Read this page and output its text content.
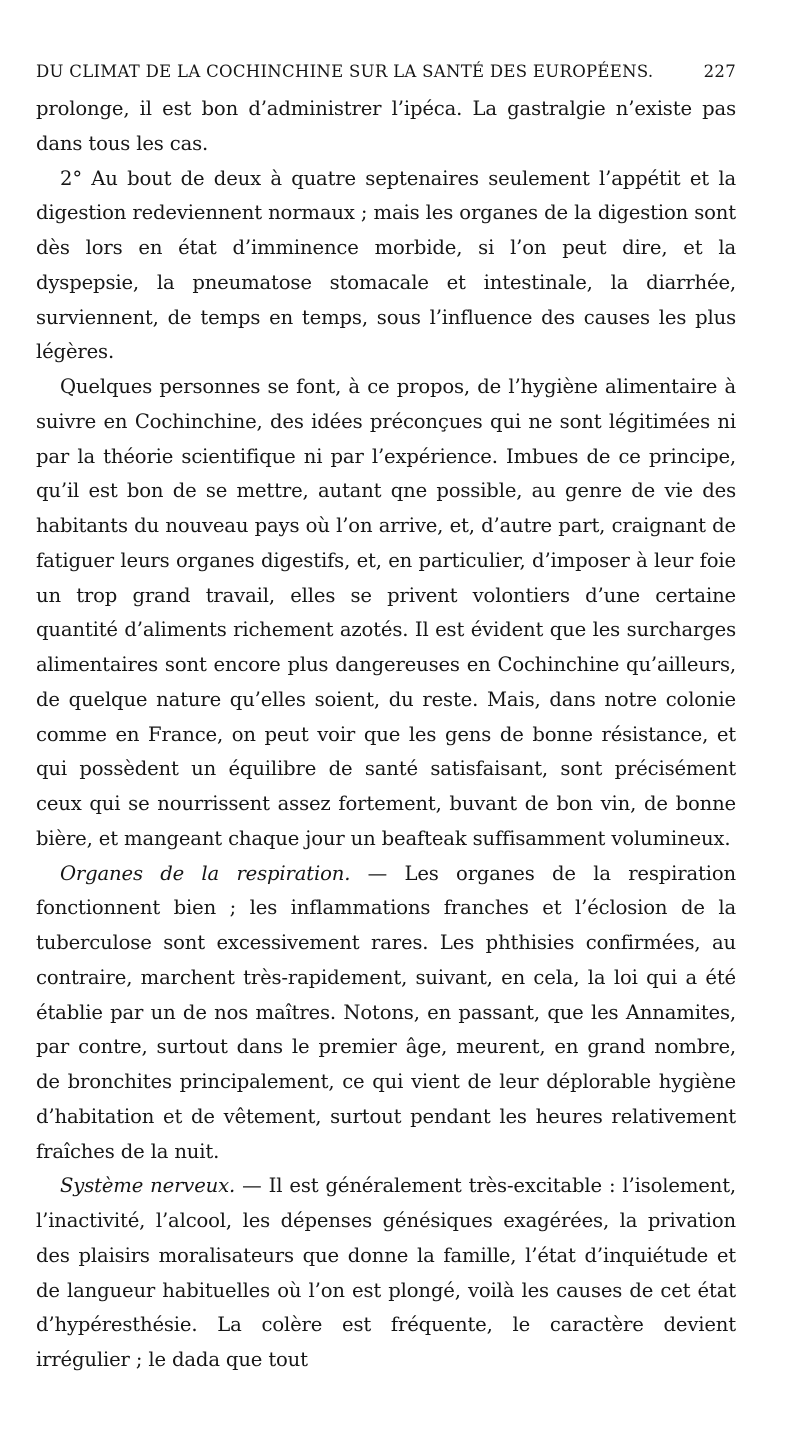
DU CLIMAT DE LA COCHINCHINE SUR LA SANTÉ DES EUROPÉENS.	227

prolonge, il est bon d’administrer l’ipéca. La gastralgie n’existe pas dans tous les cas.

2° Au bout de deux à quatre septenaires seulement l’appétit et la digestion redeviennent normaux ; mais les organes de la digestion sont dès lors en état d’imminence morbide, si l’on peut dire, et la dyspepsie, la pneumatose stomacale et intestinale, la diarrhée, surviennent, de temps en temps, sous l’influence des causes les plus légères.

Quelques personnes se font, à ce propos, de l’hygiène alimentaire à suivre en Cochinchine, des idées préconçues qui ne sont légitimées ni par la théorie scientifique ni par l’expérience. Imbues de ce principe, qu’il est bon de se mettre, autant qne possible, au genre de vie des habitants du nouveau pays où l’on arrive, et, d’autre part, craignant de fatiguer leurs organes digestifs, et, en particulier, d’imposer à leur foie un trop grand travail, elles se privent volontiers d’une certaine quantité d’aliments richement azotés. Il est évident que les surcharges alimentaires sont encore plus dangereuses en Cochinchine qu’ailleurs, de quelque nature qu’elles soient, du reste. Mais, dans notre colonie comme en France, on peut voir que les gens de bonne résistance, et qui possèdent un équilibre de santé satisfaisant, sont précisément ceux qui se nourrissent assez fortement, buvant de bon vin, de bonne bière, et mangeant chaque jour un beafteak suffisamment volumineux.

Organes de la respiration. — Les organes de la respiration fonctionnent bien ; les inflammations franches et l’éclosion de la tuberculose sont excessivement rares. Les phthisies confirmées, au contraire, marchent très-rapidement, suivant, en cela, la loi qui a été établie par un de nos maîtres. Notons, en passant, que les Annamites, par contre, surtout dans le premier âge, meurent, en grand nombre, de bronchites principalement, ce qui vient de leur déplorable hygiène d’habitation et de vêtement, surtout pendant les heures relativement fraîches de la nuit.

Système nerveux. — Il est généralement très-excitable : l’isolement, l’inactivité, l’alcool, les dépenses génésiques exagérées, la privation des plaisirs moralisateurs que donne la famille, l’état d’inquiétude et de langueur habituelles où l’on est plongé, voilà les causes de cet état d’hypéresthésie. La colère est fréquente, le caractère devient irrégulier ; le dada que tout
